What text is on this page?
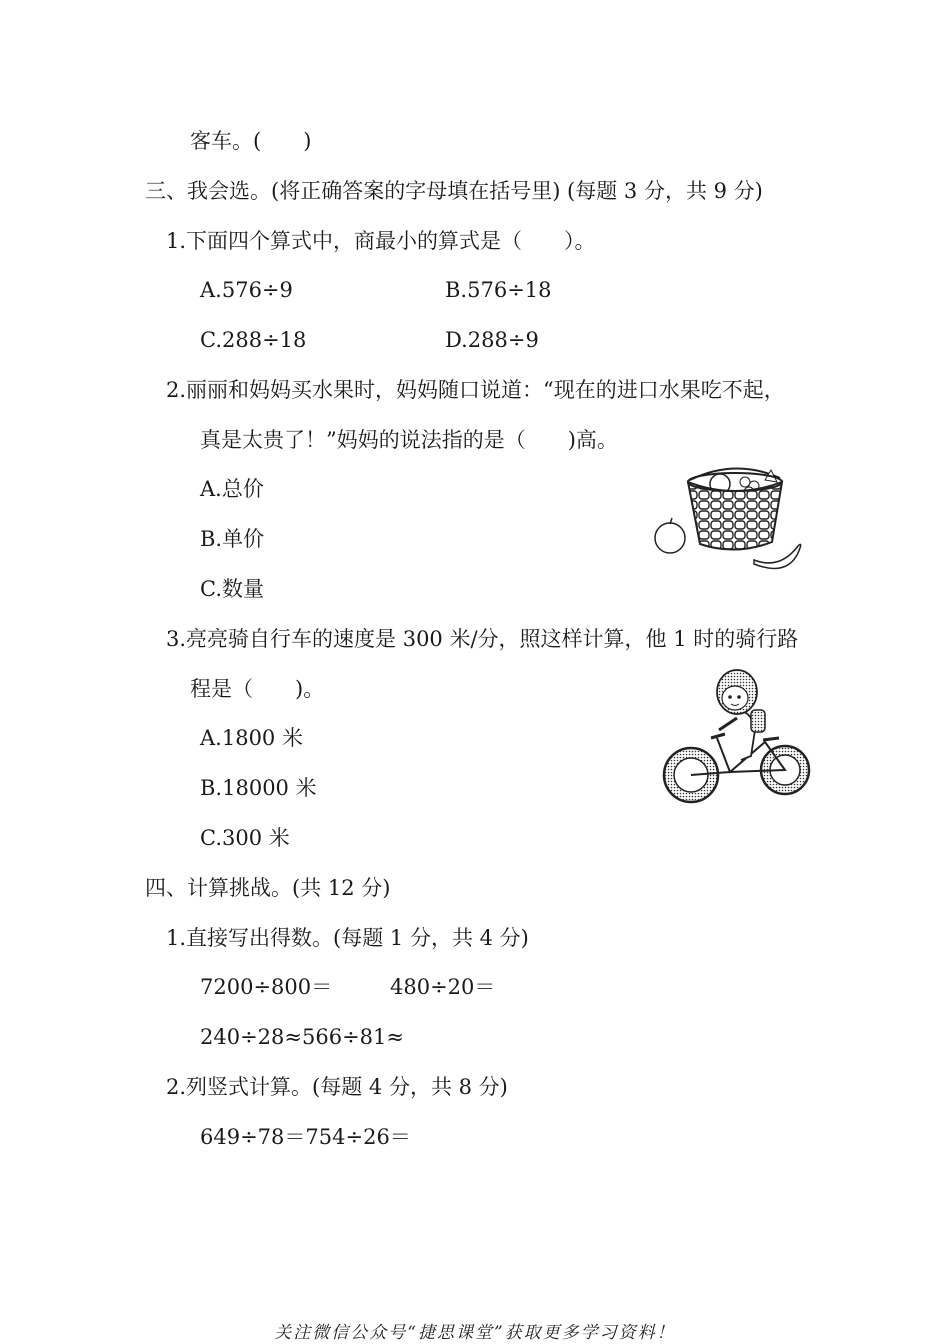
客车。(　　)
三、我会选。(将正确答案的字母填在括号里) (每题 3 分，共 9 分)
1.下面四个算式中，商最小的算式是（　　）。
A.576÷9	B.576÷18
C.288÷18	D.288÷9
2.丽丽和妈妈买水果时，妈妈随口说道：“现在的进口水果吃不起，
真是太贵了！”妈妈的说法指的是（　　)高。
A.总价
B.单价
C.数量
3.亮亮骑自行车的速度是 300 米/分，照这样计算，他 1 时的骑行路
程是（　　)。
A.1800 米
B.18000 米
C.300 米
四、计算挑战。(共 12 分)
1.直接写出得数。(每题 1 分，共 4 分)
7200÷800＝	480÷20＝
240÷28≈566÷81≈
2.列竖式计算。(每题 4 分，共 8 分)
649÷78＝754÷26＝
关注微信公众号“捷思课堂”获取更多学习资料！
